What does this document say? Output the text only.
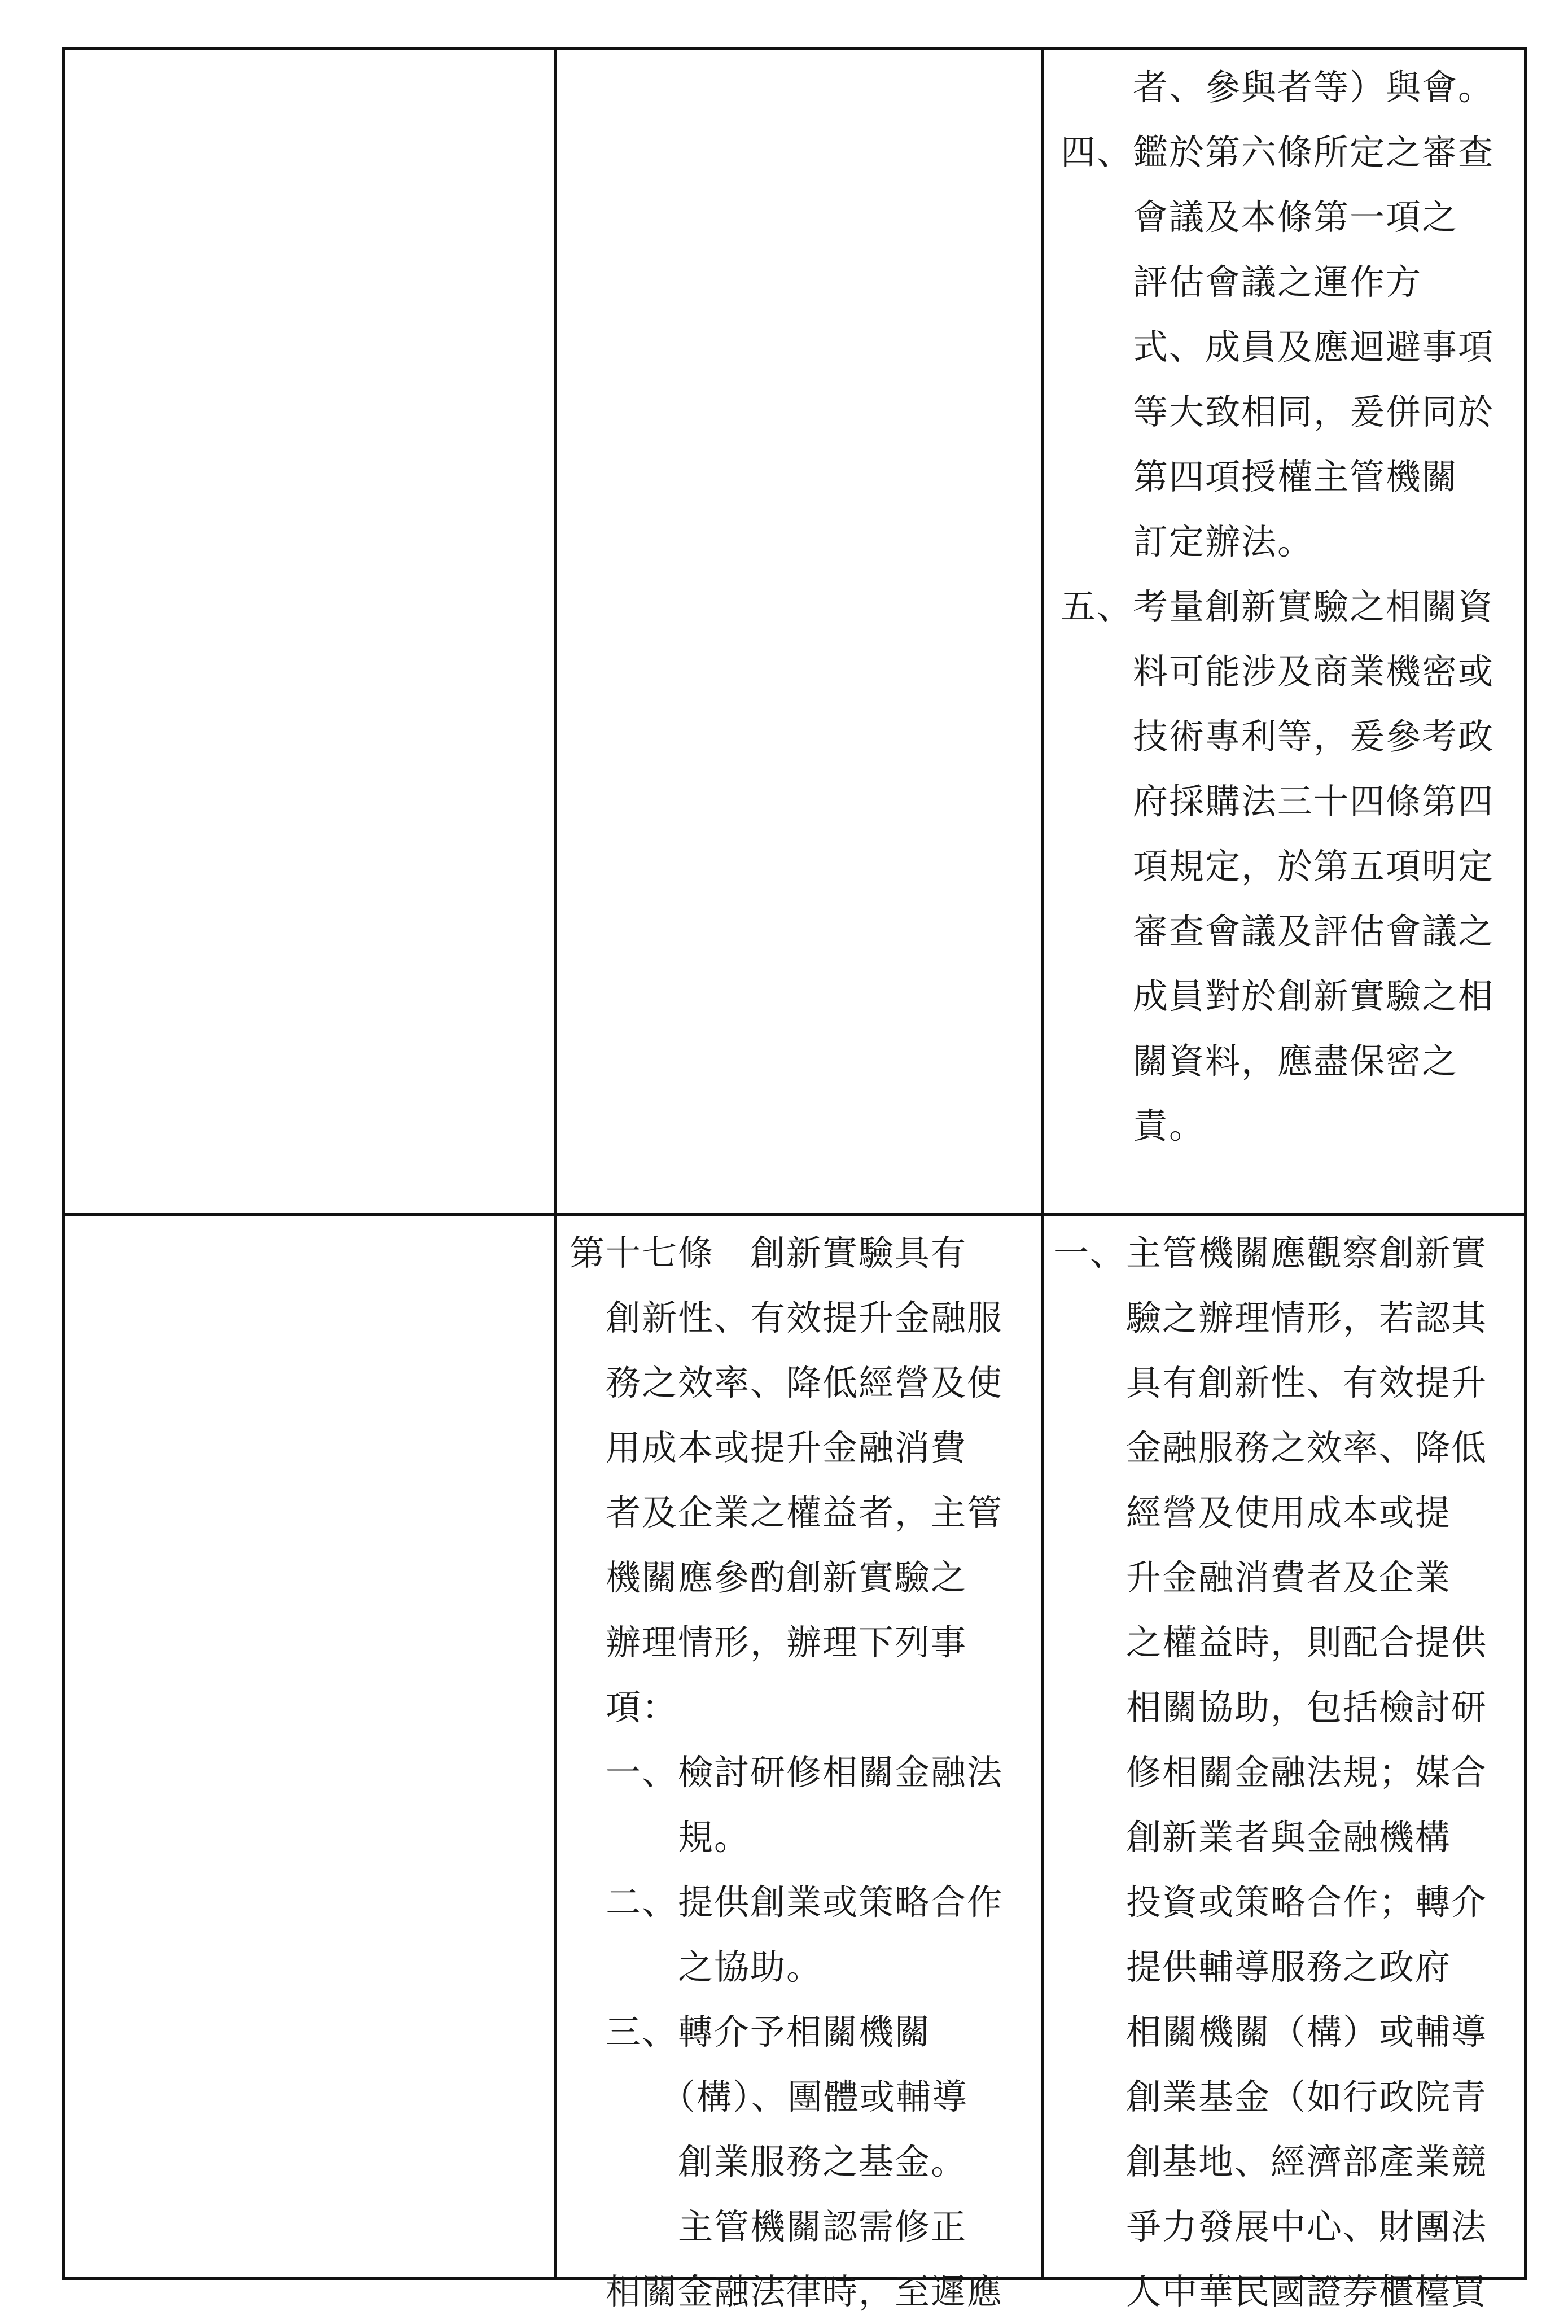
　　者、參與者等）與會。
四、鑑於第六條所定之審查
　　會議及本條第一項之
　　評估會議之運作方
　　式、成員及應迴避事項
　　等大致相同，爰併同於
　　第四項授權主管機關
　　訂定辦法。
五、考量創新實驗之相關資
　　料可能涉及商業機密或
　　技術專利等，爰參考政
　　府採購法三十四條第四
　　項規定，於第五項明定
　　審查會議及評估會議之
　　成員對於創新實驗之相
　　關資料，應盡保密之
　　責。
第十七條　創新實驗具有
　創新性、有效提升金融服
　務之效率、降低經營及使
　用成本或提升金融消費
　者及企業之權益者，主管
　機關應參酌創新實驗之
　辦理情形，辦理下列事
　項：
　一、檢討研修相關金融法
　　　規。
　二、提供創業或策略合作
　　　之協助。
　三、轉介予相關機關
　　　（構）、團體或輔導
　　　創業服務之基金。
　　　主管機關認需修正
　相關金融法律時，至遲應
一、主管機關應觀察創新實
　　驗之辦理情形，若認其
　　具有創新性、有效提升
　　金融服務之效率、降低
　　經營及使用成本或提
　　升金融消費者及企業
　　之權益時，則配合提供
　　相關協助，包括檢討研
　　修相關金融法規；媒合
　　創新業者與金融機構
　　投資或策略合作；轉介
　　提供輔導服務之政府
　　相關機關（構）或輔導
　　創業基金（如行政院青
　　創基地、經濟部產業競
　　爭力發展中心、財團法
　　人中華民國證券櫃檯買
